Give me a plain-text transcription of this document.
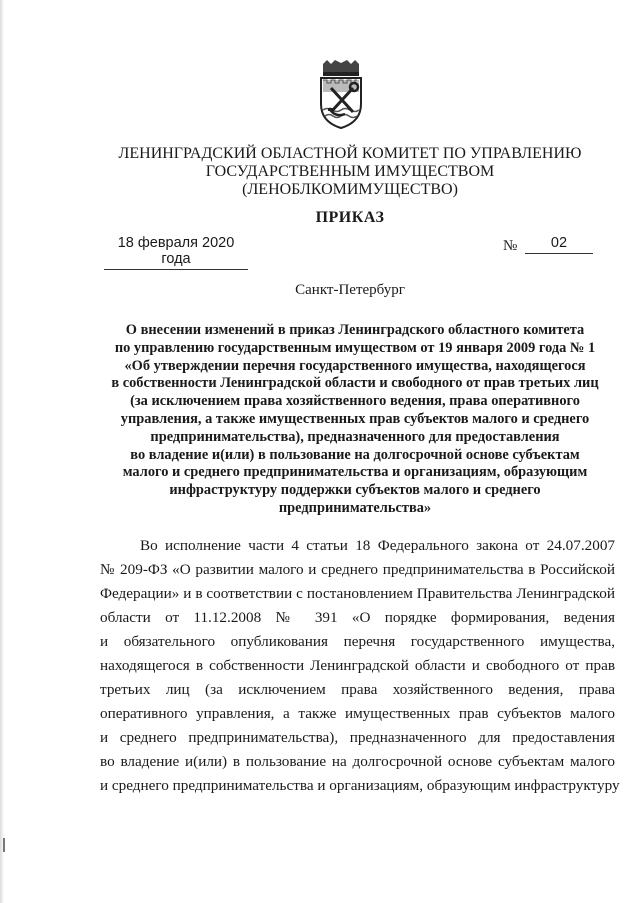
ЛЕНИНГРАДСКИЙ ОБЛАСТНОЙ КОМИТЕТ ПО УПРАВЛЕНИЮ
ГОСУДАРСТВЕННЫМ ИМУЩЕСТВОМ
(ЛЕНОБЛКОМИМУЩЕСТВО)
ПРИКАЗ
18 февраля 2020 года
№	02
Санкт-Петербург
О внесении изменений в приказ Ленинградского областного комитета
по управлению государственным имуществом от 19 января 2009 года № 1
«Об утверждении перечня государственного имущества, находящегося
в собственности Ленинградской области и свободного от прав третьих лиц
(за исключением права хозяйственного ведения, права оперативного
управления, а также имущественных прав субъектов малого и среднего
предпринимательства), предназначенного для предоставления
во владение и(или) в пользование на долгосрочной основе субъектам
малого и среднего предпринимательства и организациям, образующим
инфраструктуру поддержки субъектов малого и среднего
предпринимательства»
Во исполнение части 4 статьи 18 Федерального закона от 24.07.2007
№ 209-ФЗ «О развитии малого и среднего предпринимательства в Российской
Федерации» и в соответствии с постановлением Правительства Ленинградской
области от 11.12.2008 № 391 «О порядке формирования, ведения
и обязательного опубликования перечня государственного имущества,
находящегося в собственности Ленинградской области и свободного от прав
третьих лиц (за исключением права хозяйственного ведения, права
оперативного управления, а также имущественных прав субъектов малого
и среднего предпринимательства), предназначенного для предоставления
во владение и(или) в пользование на долгосрочной основе субъектам малого
и среднего предпринимательства и организациям, образующим инфраструктуру
